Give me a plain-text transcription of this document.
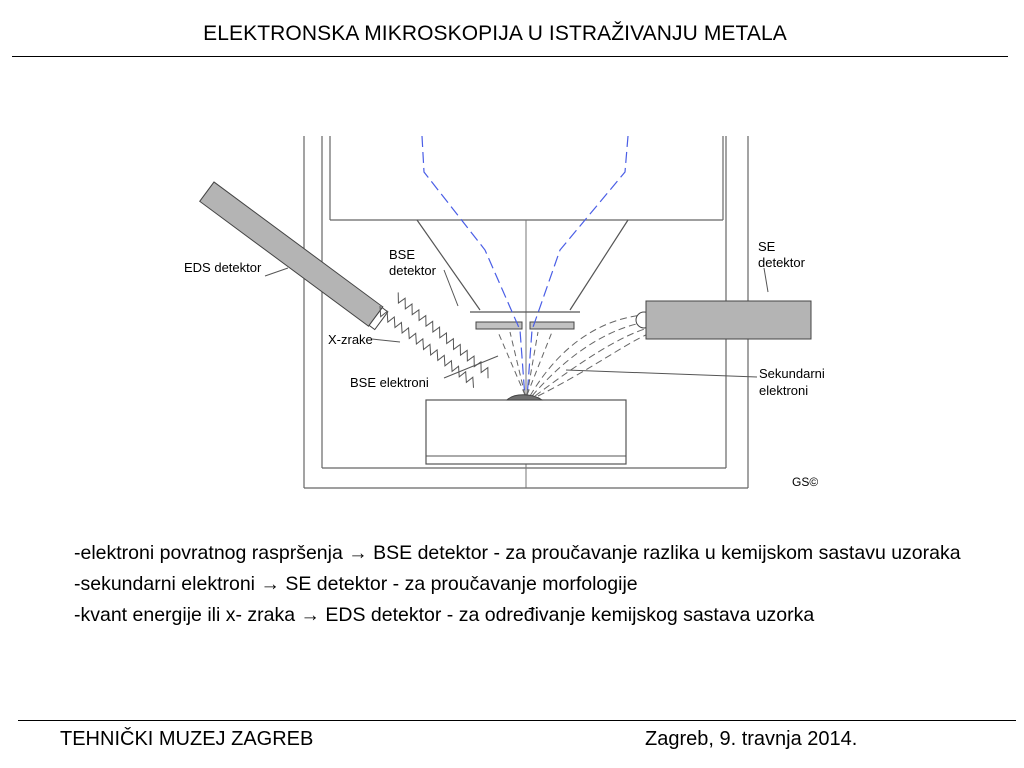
ELEKTRONSKA MIKROSKOPIJA U ISTRAŽIVANJU METALA
EDS detektor
BSE
detektor
SE
detektor
X-zrake
BSE elektroni
Sekundarni
elektroni
GS©

-elektroni povratnog raspršenja → BSE detektor - za proučavanje razlika u kemijskom sastavu uzoraka

-sekundarni elektroni → SE detektor - za proučavanje morfologije

-kvant energije ili x- zraka → EDS detektor - za određivanje kemijskog sastava uzorka

TEHNIČKI MUZEJ ZAGREB	Zagreb, 9. travnja 2014.
